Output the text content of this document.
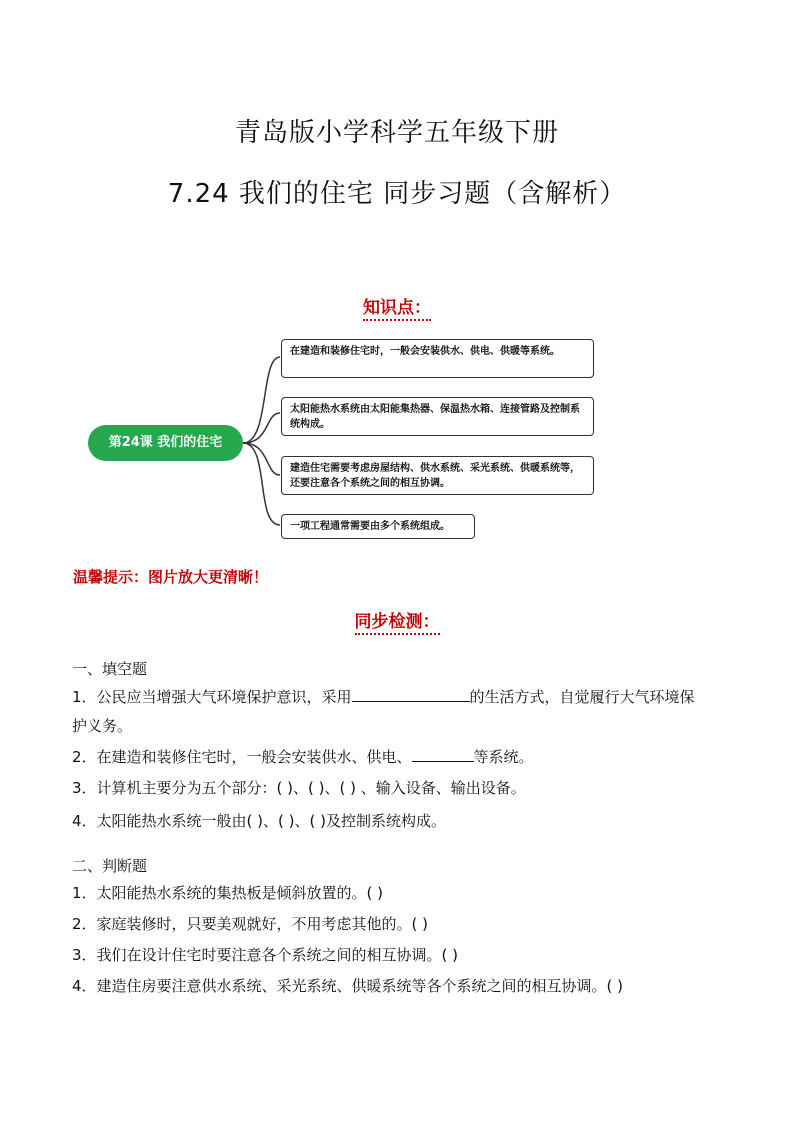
青岛版小学科学五年级下册
7.24 我们的住宅 同步习题（含解析）
知识点：
第24课 我们的住宅
在建造和装修住宅时，一般会安装供水、供电、供暖等系统。
太阳能热水系统由太阳能集热器、保温热水箱、连接管路及控制系统构成。
建造住宅需要考虑房屋结构、供水系统、采光系统、供暖系统等，还要注意各个系统之间的相互协调。
一项工程通常需要由多个系统组成。
温馨提示：图片放大更清晰！
同步检测：
一、填空题
1．公民应当增强大气环境保护意识，采用	的生活方式，自觉履行大气环境保
护义务。
2．在建造和装修住宅时，一般会安装供水、供电、	等系统。
3．计算机主要分为五个部分：( )、( )、( ) 、输入设备、输出设备。
4．太阳能热水系统一般由( )、( )、( )及控制系统构成。
二、判断题
1．太阳能热水系统的集热板是倾斜放置的。( )
2．家庭装修时，只要美观就好，不用考虑其他的。( )
3．我们在设计住宅时要注意各个系统之间的相互协调。( )
4．建造住房要注意供水系统、采光系统、供暖系统等各个系统之间的相互协调。( )
